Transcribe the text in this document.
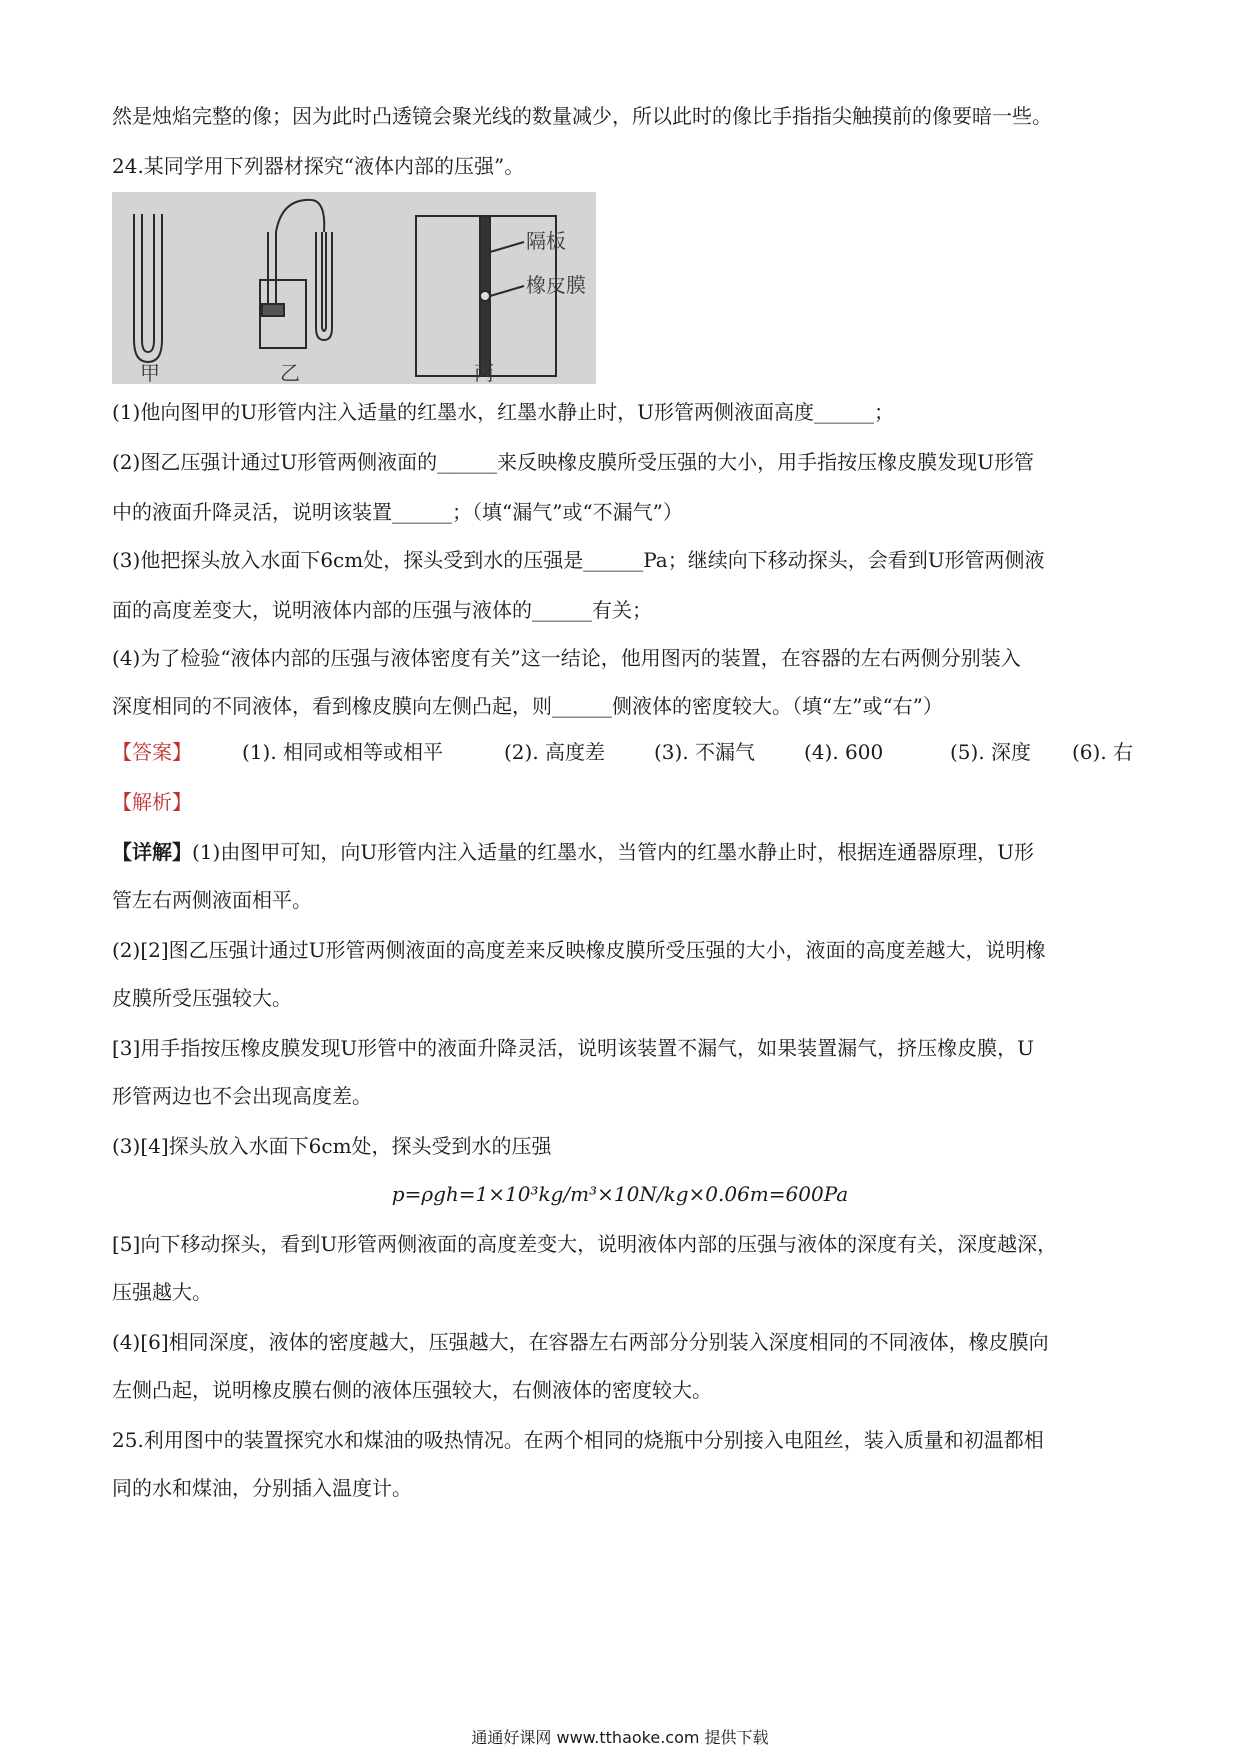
然是烛焰完整的像；因为此时凸透镜会聚光线的数量减少，所以此时的像比手指指尖触摸前的像要暗一些。
24.某同学用下列器材探究“液体内部的压强”。
隔板
橡皮膜
甲	乙	丙
(1)他向图甲的U形管内注入适量的红墨水，红墨水静止时，U形管两侧液面高度______；
(2)图乙压强计通过U形管两侧液面的______来反映橡皮膜所受压强的大小，用手指按压橡皮膜发现U形管
中的液面升降灵活，说明该装置______；（填“漏气”或“不漏气”）
(3)他把探头放入水面下6cm处，探头受到水的压强是______Pa；继续向下移动探头，会看到U形管两侧液
面的高度差变大，说明液体内部的压强与液体的______有关；
(4)为了检验“液体内部的压强与液体密度有关”这一结论，他用图丙的装置，在容器的左右两侧分别装入
深度相同的不同液体，看到橡皮膜向左侧凸起，则______侧液体的密度较大。（填“左”或“右”）
【答案】	(1). 相同或相等或相平	(2). 高度差 (3). 不漏气 (4). 600	(5). 深度 (6). 右
【解析】
【详解】(1)由图甲可知，向U形管内注入适量的红墨水，当管内的红墨水静止时，根据连通器原理，U形
管左右两侧液面相平。
(2)[2]图乙压强计通过U形管两侧液面的高度差来反映橡皮膜所受压强的大小，液面的高度差越大，说明橡
皮膜所受压强较大。
[3]用手指按压橡皮膜发现U形管中的液面升降灵活，说明该装置不漏气，如果装置漏气，挤压橡皮膜，U
形管两边也不会出现高度差。
(3)[4]探头放入水面下6cm处，探头受到水的压强
p=ρgh=1×10³kg/m³×10N/kg×0.06m=600Pa
[5]向下移动探头，看到U形管两侧液面的高度差变大，说明液体内部的压强与液体的深度有关，深度越深，
压强越大。
(4)[6]相同深度，液体的密度越大，压强越大，在容器左右两部分分别装入深度相同的不同液体，橡皮膜向
左侧凸起，说明橡皮膜右侧的液体压强较大，右侧液体的密度较大。
25.利用图中的装置探究水和煤油的吸热情况。在两个相同的烧瓶中分别接入电阻丝，装入质量和初温都相
同的水和煤油，分别插入温度计。
通通好课网 www.tthaoke.com 提供下载
